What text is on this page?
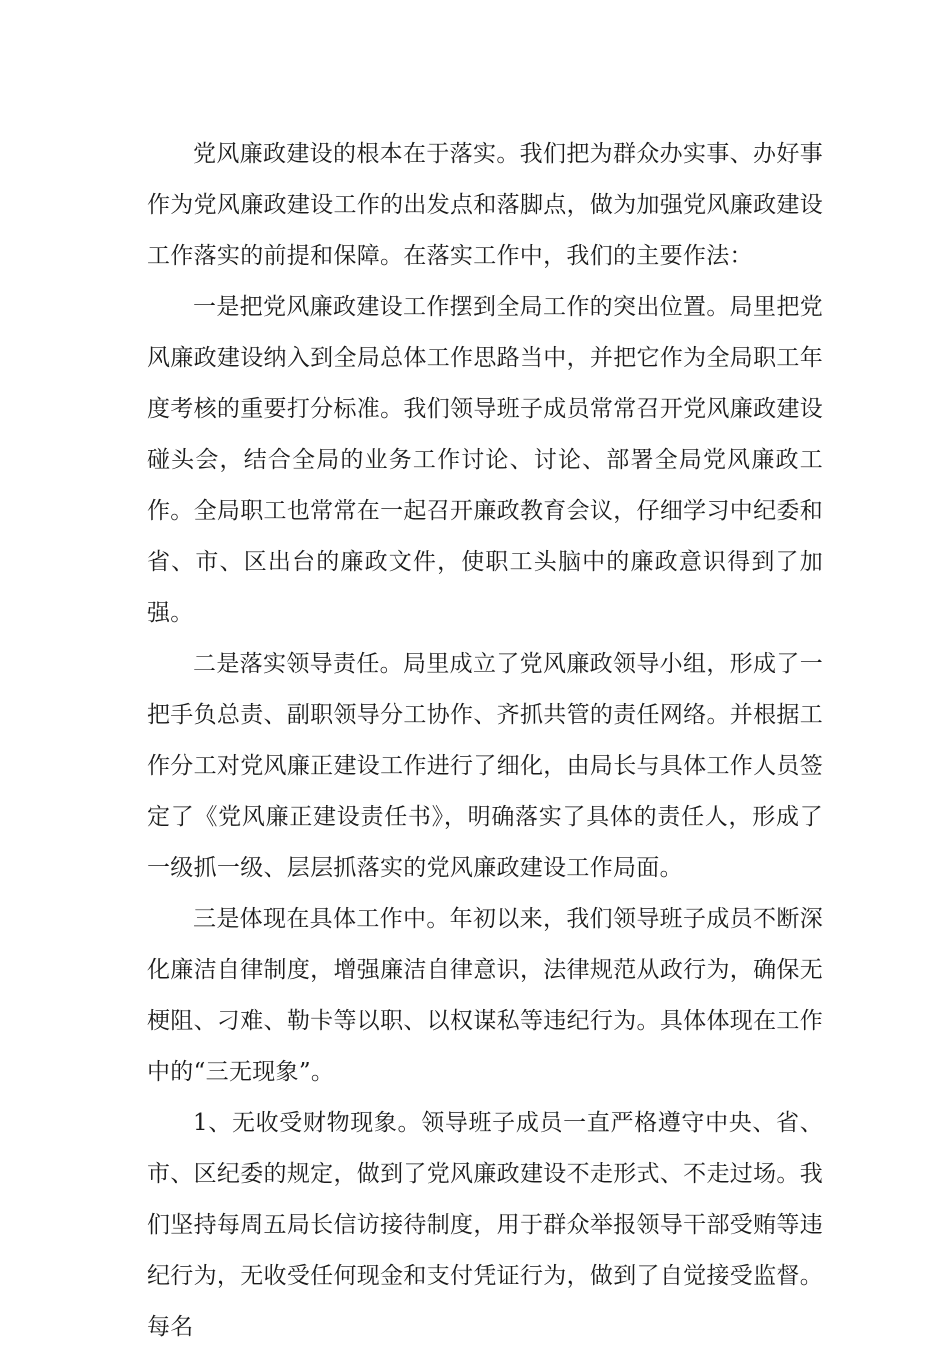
党风廉政建设的根本在于落实。我们把为群众办实事、办好事作为党风廉政建设工作的出发点和落脚点，做为加强党风廉政建设工作落实的前提和保障。在落实工作中，我们的主要作法：

一是把党风廉政建设工作摆到全局工作的突出位置。局里把党风廉政建设纳入到全局总体工作思路当中，并把它作为全局职工年度考核的重要打分标准。我们领导班子成员常常召开党风廉政建设碰头会，结合全局的业务工作讨论、讨论、部署全局党风廉政工作。全局职工也常常在一起召开廉政教育会议，仔细学习中纪委和省、市、区出台的廉政文件，使职工头脑中的廉政意识得到了加强。

二是落实领导责任。局里成立了党风廉政领导小组，形成了一把手负总责、副职领导分工协作、齐抓共管的责任网络。并根据工作分工对党风廉正建设工作进行了细化，由局长与具体工作人员签定了《党风廉正建设责任书》，明确落实了具体的责任人，形成了一级抓一级、层层抓落实的党风廉政建设工作局面。

三是体现在具体工作中。年初以来，我们领导班子成员不断深化廉洁自律制度，增强廉洁自律意识，法律规范从政行为，确保无梗阻、刁难、勒卡等以职、以权谋私等违纪行为。具体体现在工作中的“三无现象”。

1、无收受财物现象。领导班子成员一直严格遵守中央、省、市、区纪委的规定，做到了党风廉政建设不走形式、不走过场。我们坚持每周五局长信访接待制度，用于群众举报领导干部受贿等违纪行为，无收受任何现金和支付凭证行为，做到了自觉接受监督。每名
